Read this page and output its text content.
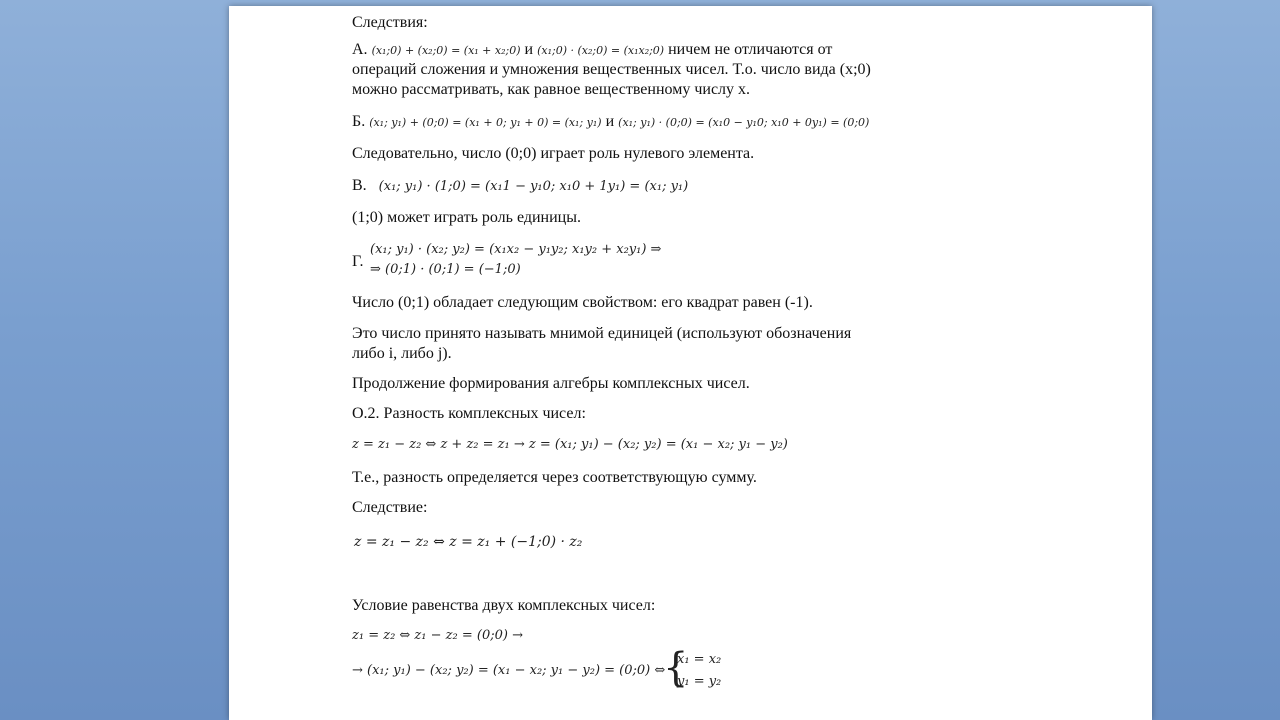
Следствия:
А. (x₁;0) + (x₂;0) = (x₁ + x₂;0) и (x₁;0) · (x₂;0) = (x₁x₂;0) ничем не отличаются от
операций сложения и умножения вещественных чисел. Т.о. число вида (x;0)
можно рассматривать, как равное вещественному числу x.
Б. (x₁; y₁) + (0;0) = (x₁ + 0; y₁ + 0) = (x₁; y₁) и (x₁; y₁) · (0;0) = (x₁0 − y₁0; x₁0 + 0y₁) = (0;0)
Следовательно, число (0;0) играет роль нулевого элемента.
В. (x₁; y₁) · (1;0) = (x₁1 − y₁0; x₁0 + 1y₁) = (x₁; y₁)
(1;0) может играть роль единицы.
Г.
(x₁; y₁) · (x₂; y₂) = (x₁x₂ − y₁y₂; x₁y₂ + x₂y₁) ⇒
⇒ (0;1) · (0;1) = (−1;0)
Число (0;1) обладает следующим свойством: его квадрат равен (-1).
Это число принято называть мнимой единицей (используют обозначения
либо i, либо j).
Продолжение формирования алгебры комплексных чисел.
О.2. Разность комплексных чисел:
z = z₁ − z₂ ⇔ z + z₂ = z₁ → z = (x₁; y₁) − (x₂; y₂) = (x₁ − x₂; y₁ − y₂)
Т.е., разность определяется через соответствующую сумму.
Следствие:
z = z₁ − z₂ ⇔ z = z₁ + (−1;0) · z₂
Условие равенства двух комплексных чисел:
z₁ = z₂ ⇔ z₁ − z₂ = (0;0) →
→ (x₁; y₁) − (x₂; y₂) = (x₁ − x₂; y₁ − y₂) = (0;0) ⇔
{
x₁ = x₂
y₁ = y₂
